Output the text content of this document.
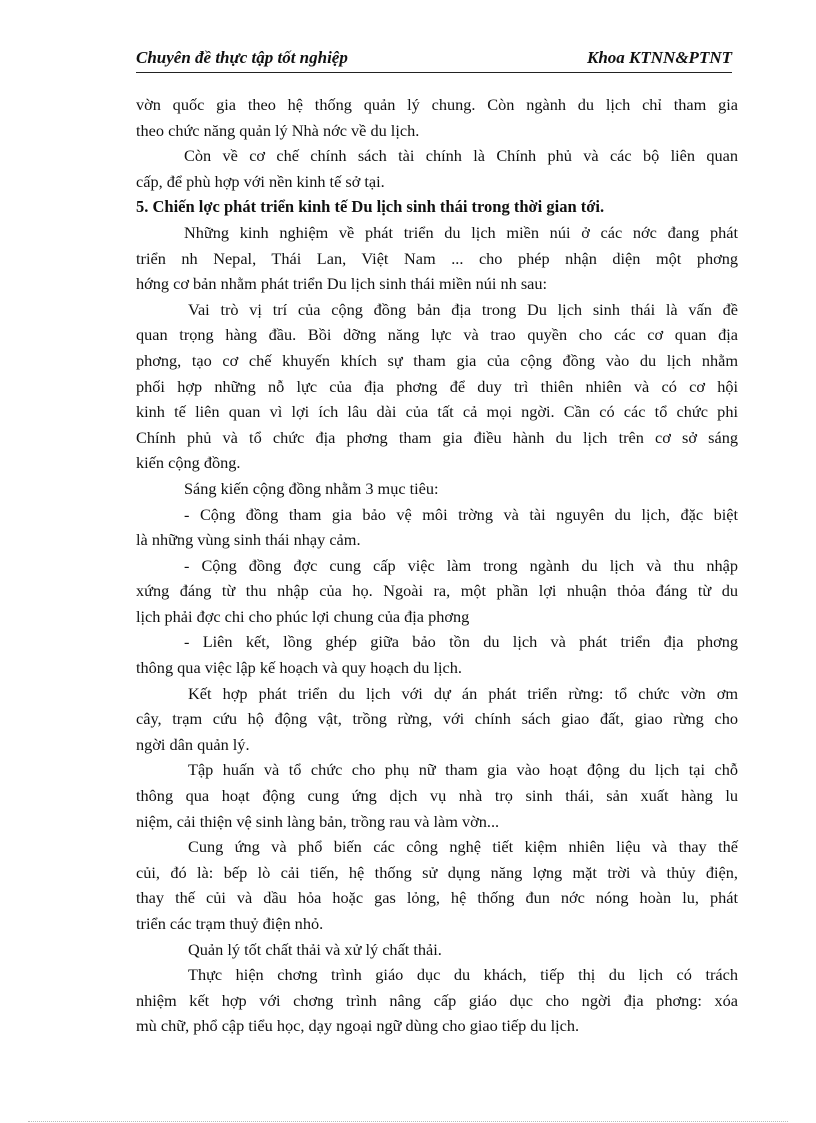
Chuyên đề thực tập tốt nghiệp	Khoa KTNN&PTNT
vờn quốc gia theo hệ thống quản lý chung. Còn ngành du lịch chỉ tham gia
theo chức năng quản lý Nhà nớc về du lịch.
Còn về cơ chế chính sách tài chính là Chính phủ và các bộ liên quan
cấp, để phù hợp với nền kinh tế sở tại.
5. Chiến lợc phát triển kinh tế Du lịch sinh thái trong thời gian tới.
Những kinh nghiệm về phát triển du lịch miền núi ở các nớc đang phát
triển nh Nepal, Thái Lan, Việt Nam ... cho phép nhận diện một phơng
hớng cơ bản nhằm phát triển Du lịch sinh thái miền núi nh sau:
Vai trò vị trí của cộng đồng bản địa trong Du lịch sinh thái là vấn đề
quan trọng hàng đầu. Bồi dỡng năng lực và trao quyền cho các cơ quan địa
phơng, tạo cơ chế khuyến khích sự tham gia của cộng đồng vào du lịch nhằm
phối hợp những nỗ lực của địa phơng để duy trì thiên nhiên và có cơ hội
kinh tế liên quan vì lợi ích lâu dài của tất cả mọi ngời. Cần có các tổ chức phi
Chính phủ và tổ chức địa phơng tham gia điều hành du lịch trên cơ sở sáng
kiến cộng đồng.
Sáng kiến cộng đồng nhằm 3 mục tiêu:
- Cộng đồng tham gia bảo vệ môi trờng và tài nguyên du lịch, đặc biệt
là những vùng sinh thái nhạy cảm.
- Cộng đồng đợc cung cấp việc làm trong ngành du lịch và thu nhập
xứng đáng từ thu nhập của họ. Ngoài ra, một phần lợi nhuận thỏa đáng từ du
lịch phải đợc chi cho phúc lợi chung của địa phơng
- Liên kết, lồng ghép giữa bảo tồn du lịch và phát triển địa phơng
thông qua việc lập kế hoạch và quy hoạch du lịch.
Kết hợp phát triển du lịch với dự án phát triển rừng: tổ chức vờn ơm
cây, trạm cứu hộ động vật, trồng rừng, với chính sách giao đất, giao rừng cho
ngời dân quản lý.
Tập huấn và tổ chức cho phụ nữ tham gia vào hoạt động du lịch tại chỗ
thông qua hoạt động cung ứng dịch vụ nhà trọ sinh thái, sản xuất hàng lu
niệm, cải thiện vệ sinh làng bản, trồng rau và làm vờn...
Cung ứng và phổ biến các công nghệ tiết kiệm nhiên liệu và thay thế
củi, đó là: bếp lò cải tiến, hệ thống sử dụng năng lợng mặt trời và thủy điện,
thay thế củi và dầu hỏa hoặc gas lỏng, hệ thống đun nớc nóng hoàn lu, phát
triển các trạm thuỷ điện nhỏ.
Quản lý tốt chất thải và xử lý chất thải.
Thực hiện chơng trình giáo dục du khách, tiếp thị du lịch có trách
nhiệm kết hợp với chơng trình nâng cấp giáo dục cho ngời địa phơng: xóa
mù chữ, phổ cập tiểu học, dạy ngoại ngữ dùng cho giao tiếp du lịch.
